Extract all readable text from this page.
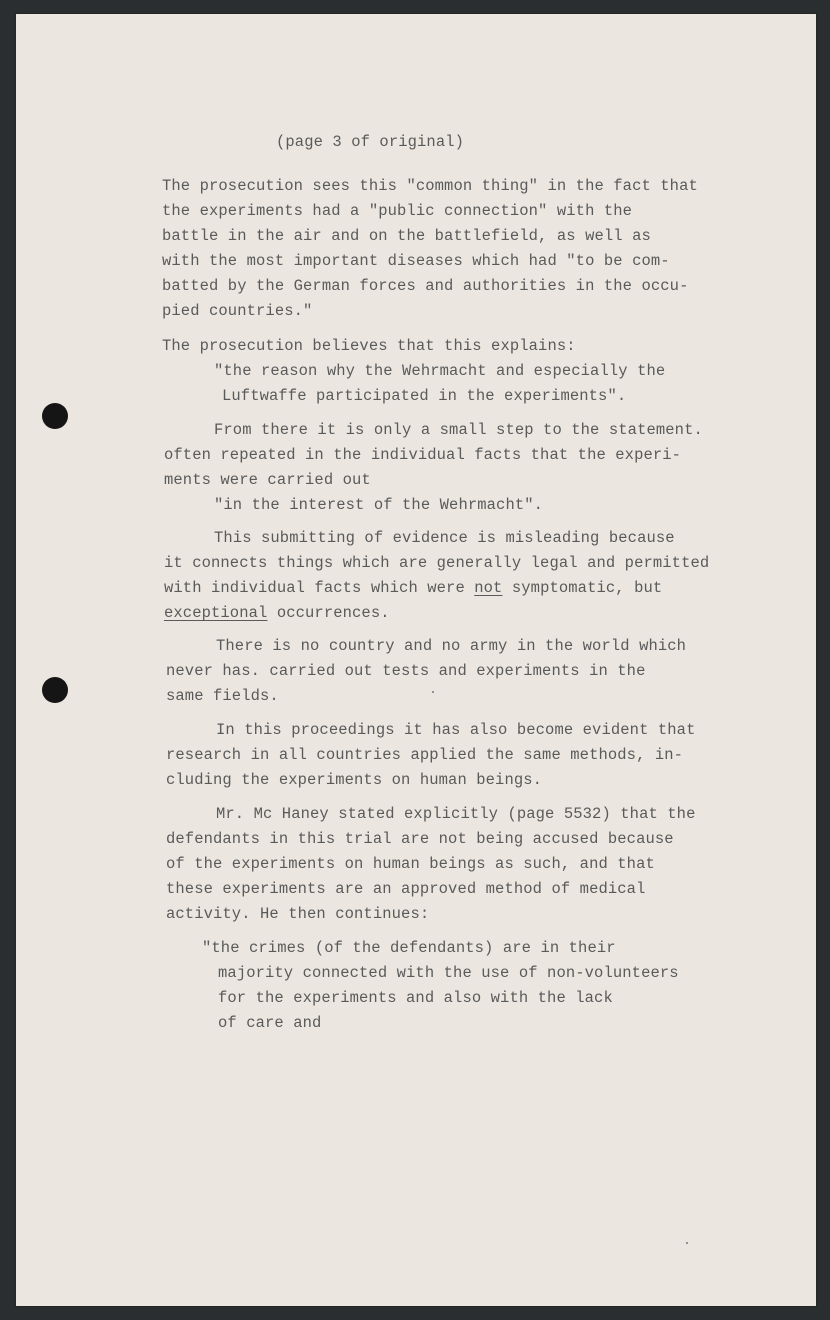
(page 3 of original)
The prosecution sees this "common thing" in the fact that
the experiments had a "public connection" with the
battle in the air and on the battlefield, as well as
with the most important diseases which had "to be com-
batted by the German forces and authorities in the occu-
pied countries."
The prosecution believes that this explains:
"the reason why the Wehrmacht and especially the
Luftwaffe participated in the experiments".
From there it is only a small step to the statement.
often repeated in the individual facts that the experi-
ments were carried out
"in the interest of the Wehrmacht".
This submitting of evidence is misleading because
it connects things which are generally legal and permitted
with individual facts which were not symptomatic, but
exceptional occurrences.
There is no country and no army in the world which
never has. carried out tests and experiments in the
same fields.
In this proceedings it has also become evident that
research in all countries applied the same methods, in-
cluding the experiments on human beings.
Mr. Mc Haney stated explicitly (page 5532) that the
defendants in this trial are not being accused because
of the experiments on human beings as such, and that
these experiments are an approved method of medical
activity. He then continues:
"the crimes (of the defendants) are in their
majority connected with the use of non-volunteers
for the experiments and also with the lack
of care and
